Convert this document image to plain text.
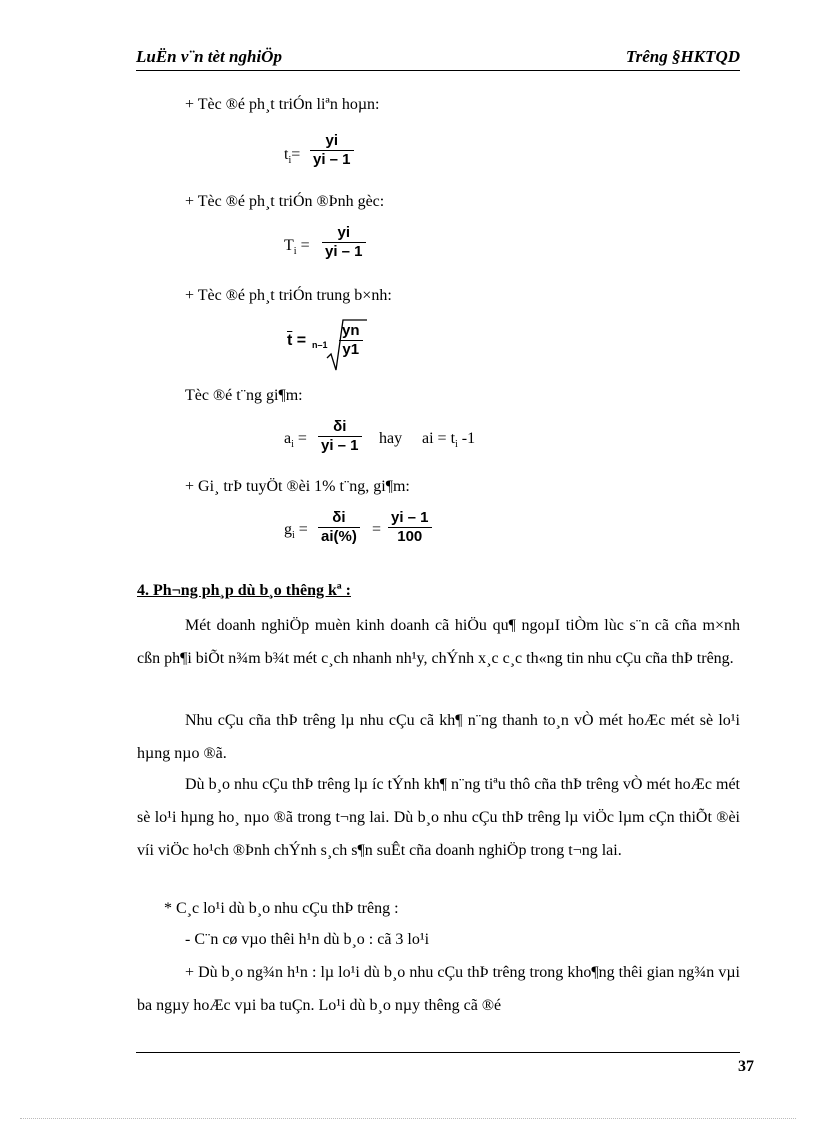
LuËn v¨n tèt nghiÖp	Trêng §HKTQD
+ Tèc ®é ph¸t triÓn liªn hoµn:
$t_i=$
yi
yi – 1
+ Tèc ®é ph¸t triÓn ®Þnh gèc:
$T_i$ =
yi
yi – 1
+ Tèc ®é ph¸t triÓn trung b×nh:
$\overline{t} = n-1$
yn
y1
Tèc ®é t¨ng gi¶m:
$a_i$ =
δi
yi – 1 hay ai = $t_i$ -1
+ Gi¸ trÞ tuyÖt ®èi 1% t¨ng, gi¶m:
$g_i$ =
δi
ai(%) =
yi – 1
100
4. Ph¬ng ph¸p dù b¸o thêng kª :
Mét doanh nghiÖp muèn kinh doanh cã hiÖu qu¶ ngoµI tiÒm lùc s¨n cã cña m×nh cßn ph¶i biÕt n¾m b¾t mét c¸ch nhanh nh¹y, chÝnh x¸c c¸c th«ng tin nhu cÇu cña thÞ trêng.
Nhu cÇu cña thÞ trêng lµ nhu cÇu cã kh¶ n¨ng thanh to¸n vÒ mét hoÆc mét sè lo¹i hµng nµo ®ã.
Dù b¸o nhu cÇu thÞ trêng lµ íc tÝnh kh¶ n¨ng tiªu thô cña thÞ trêng vÒ mét hoÆc mét sè lo¹i hµng ho¸ nµo ®ã trong t¬ng lai. Dù b¸o nhu cÇu thÞ trêng lµ viÖc lµm cÇn thiÕt ®èi víi viÖc ho¹ch ®Þnh chÝnh s¸ch s¶n suÊt cña doanh nghiÖp trong t¬ng lai.
* C¸c lo¹i dù b¸o nhu cÇu thÞ trêng :
- C¨n cø vµo thêi h¹n dù b¸o : cã 3 lo¹i
+ Dù b¸o ng¾n h¹n : lµ lo¹i dù b¸o nhu cÇu thÞ trêng trong kho¶ng thêi gian ng¾n vµi ba ngµy hoÆc vµi ba tuÇn. Lo¹i dù b¸o nµy thêng cã ®é
37
